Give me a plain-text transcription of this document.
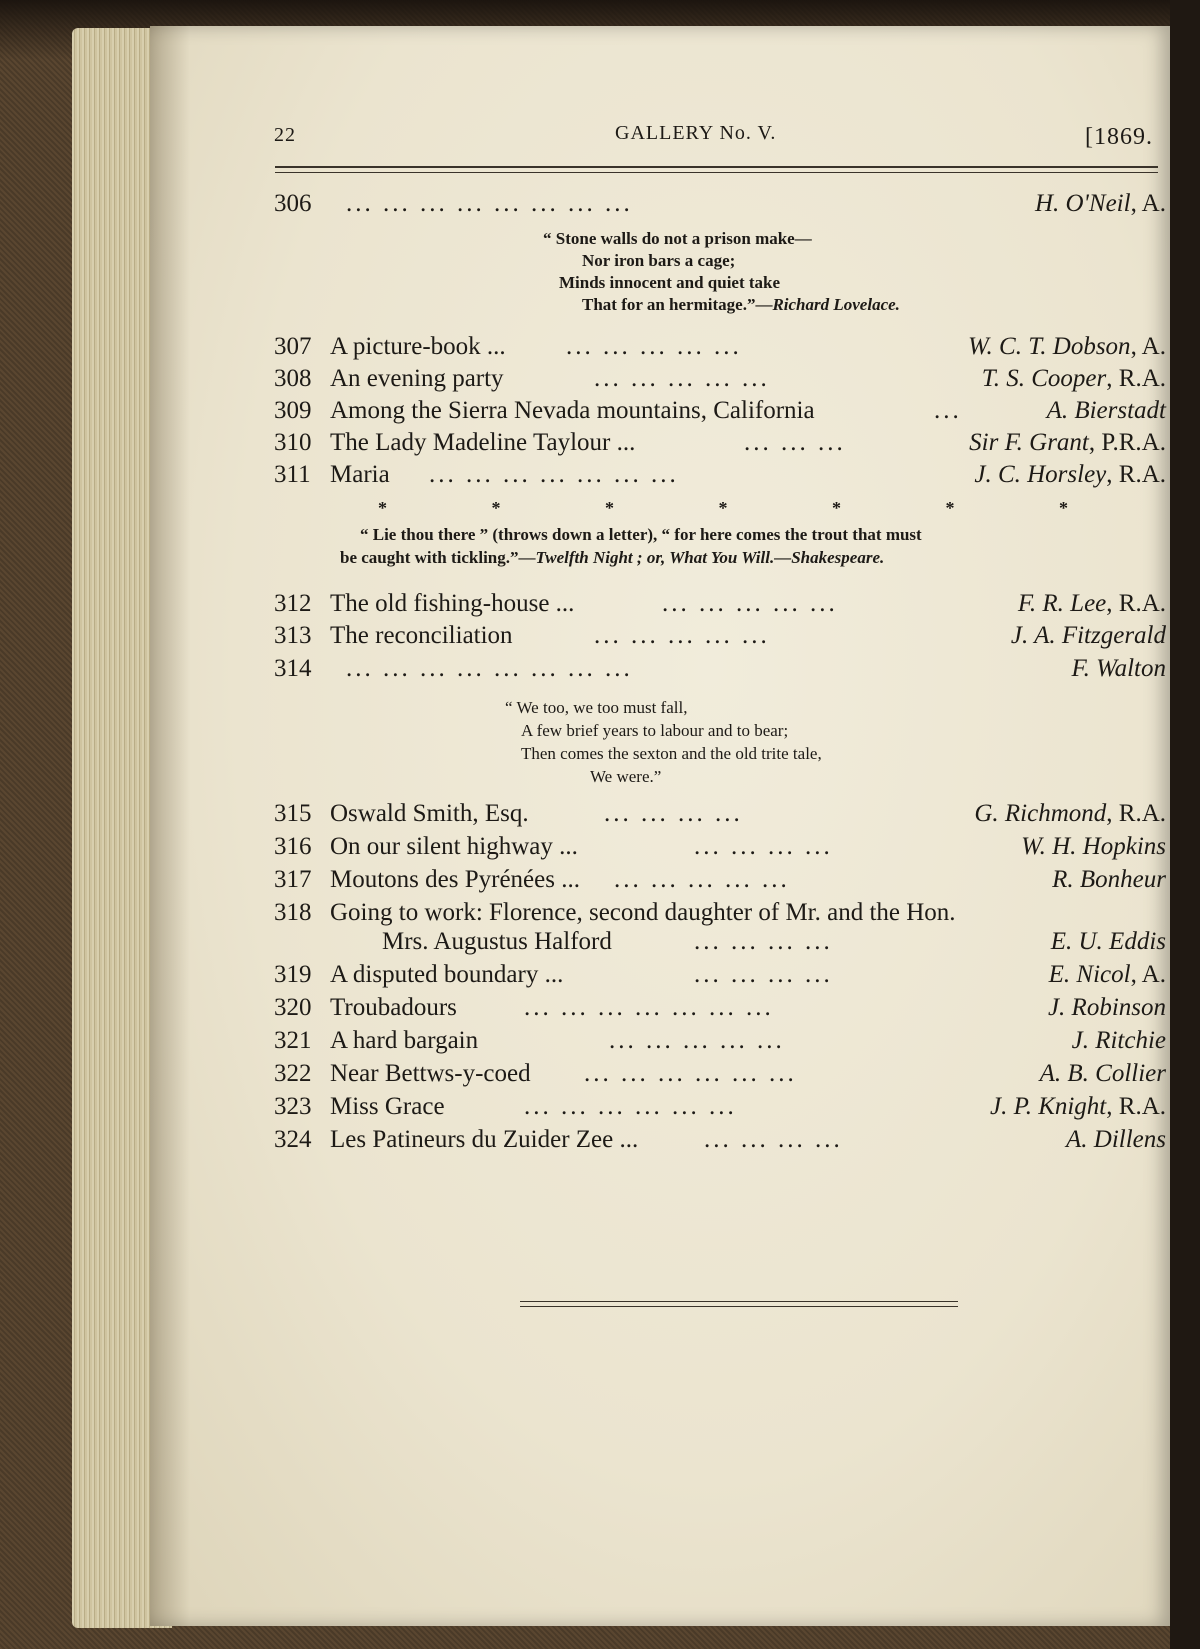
22	GALLERY No. V.	[1869.
306 ... ... ... ... ... ... ... ...	H. O'Neil, A.
“ Stone walls do not a prison make—
Nor iron bars a cage;
Minds innocent and quiet take
That for an hermitage.”—Richard Lovelace.
307 A picture-book ... ... ... ... ... ...	W. C. T. Dobson, A.
308 An evening party	... ... ... ... ...	T. S. Cooper, R.A.
309 Among the Sierra Nevada mountains, California	...	A. Bierstadt
310 The Lady Madeline Taylour ...	... ... ...	Sir F. Grant, P.R.A.
311 Maria ... ... ... ... ... ... ...	J. C. Horsley, R.A.
*	*	*	*	*	*	*
“ Lie thou there ” (throws down a letter), “ for here comes the trout that must
be caught with tickling.”—Twelfth Night ; or, What You Will.—Shakespeare.
312 The old fishing-house ...	... ... ... ... ...	F. R. Lee, R.A.
313 The reconciliation	... ... ... ... ...	J. A. Fitzgerald
314 ... ... ... ... ... ... ... ...	F. Walton
“ We too, we too must fall,
A few brief years to labour and to bear;
Then comes the sexton and the old trite tale,
We were.”
315 Oswald Smith, Esq.	... ... ... ...	G. Richmond, R.A.
316 On our silent highway ...	... ... ... ...	W. H. Hopkins
317 Moutons des Pyrénées ... ... ... ... ... ...	R. Bonheur
318 Going to work: Florence, second daughter of Mr. and the Hon.
Mrs. Augustus Halford	... ... ... ...	E. U. Eddis
319 A disputed boundary ...	... ... ... ...	E. Nicol, A.
320 Troubadours	... ... ... ... ... ... ...	J. Robinson
321 A hard bargain	... ... ... ... ...	J. Ritchie
322 Near Bettws-y-coed ... ... ... ... ... ...	A. B. Collier
323 Miss Grace	... ... ... ... ... ...	J. P. Knight, R.A.
324 Les Patineurs du Zuider Zee ...	... ... ... ...	A. Dillens
